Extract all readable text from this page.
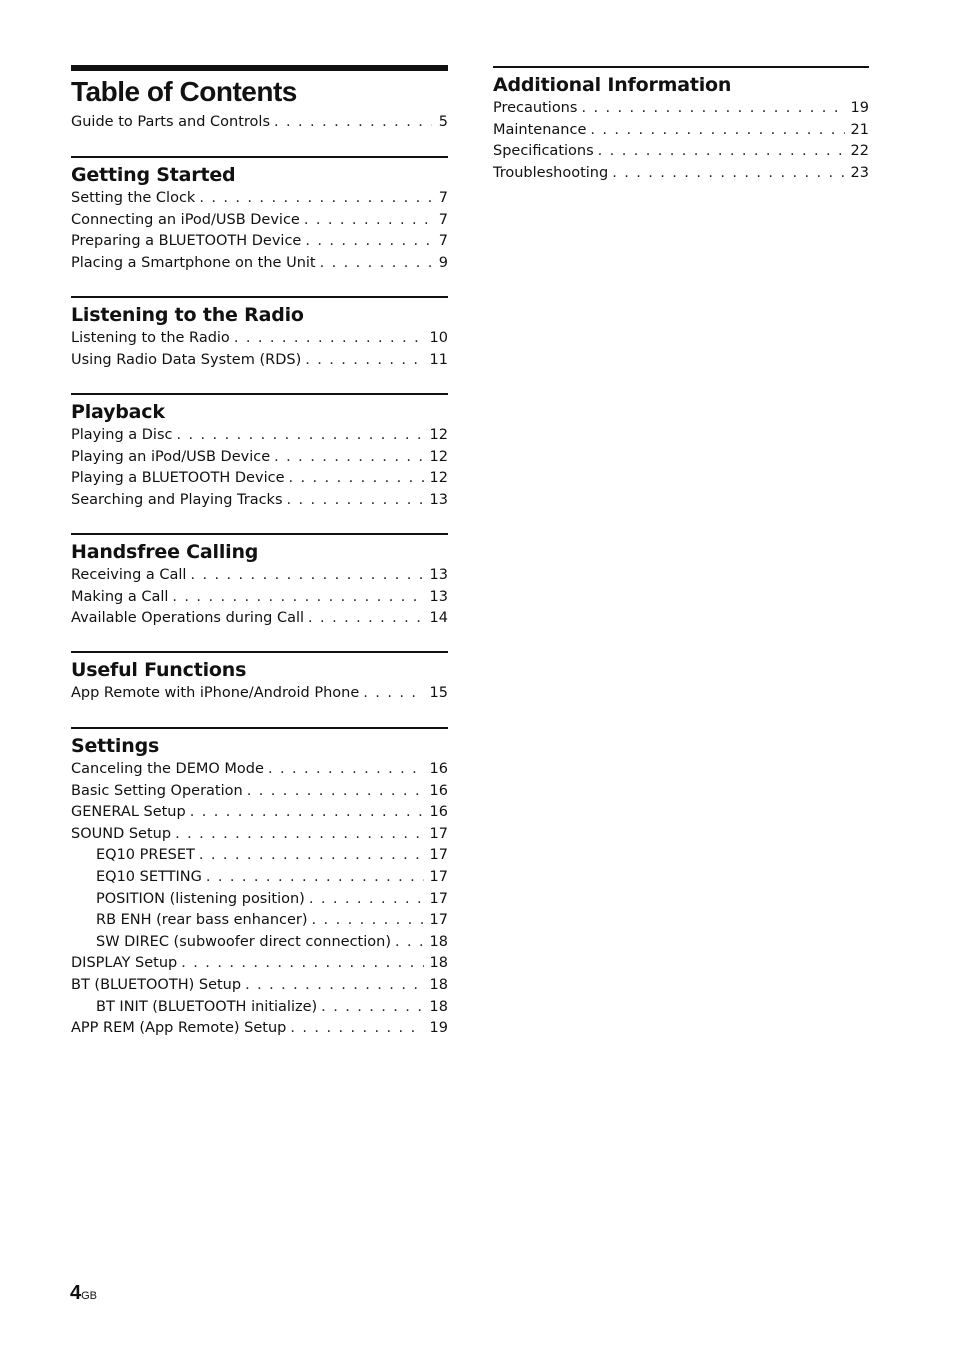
Table of Contents
Guide to Parts and Controls . . .	5
Getting Started
Setting the Clock . . .	7
Connecting an iPod/USB Device . . .	7
Preparing a BLUETOOTH Device . . .	7
Placing a Smartphone on the Unit . . .	9
Listening to the Radio
Listening to the Radio . . .	10
Using Radio Data System (RDS) . . .	11
Playback
Playing a Disc . . .	12
Playing an iPod/USB Device . . .	12
Playing a BLUETOOTH Device . . .	12
Searching and Playing Tracks . . .	13
Handsfree Calling
Receiving a Call . . .	13
Making a Call . . .	13
Available Operations during Call . . .	14
Useful Functions
App Remote with iPhone/Android Phone . . .	15
Settings
Canceling the DEMO Mode . . .	16
Basic Setting Operation . . .	16
GENERAL Setup . . .	16
SOUND Setup . . .	17
EQ10 PRESET . . .	17
EQ10 SETTING . . .	17
POSITION (listening position) . . .	17
RB ENH (rear bass enhancer) . . .	17
SW DIREC (subwoofer direct connection) . . .	18
DISPLAY Setup . . .	18
BT (BLUETOOTH) Setup . . .	18
BT INIT (BLUETOOTH initialize) . . .	18
APP REM (App Remote) Setup . . .	19
Additional Information
Precautions . . .	19
Maintenance . . .	21
Specifications . . .	22
Troubleshooting . . .	23
4GB
